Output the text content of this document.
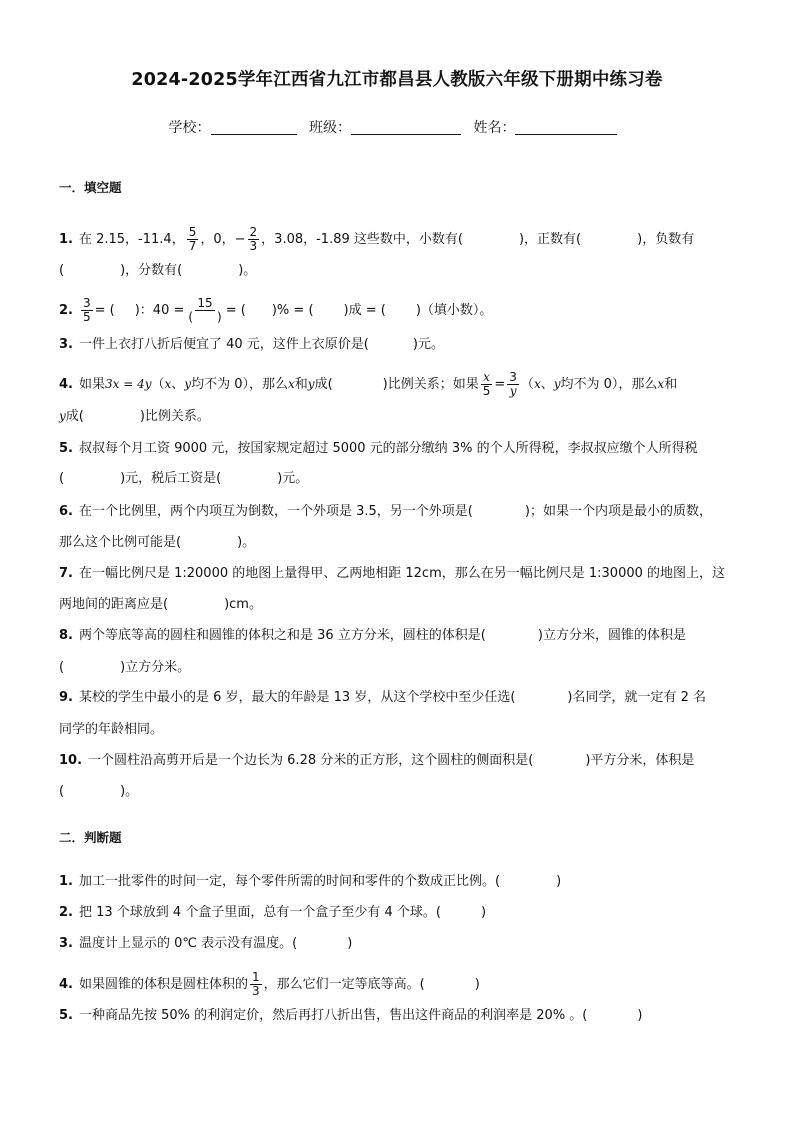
2024-2025学年江西省九江市都昌县人教版六年级下册期中练习卷
学校：	班级：	姓名：
一．填空题
1. 在 2.15，-11.4， $\frac{5}{7}$ ，0，− $\frac{2}{3}$ ，3.08，-1.89 这些数中，小数有(	)，正数有(	)，负数有
(	)，分数有(	)。
2. $\frac{3}{5}$ = ( )：$40 = \frac{15}{( )}$ = ( )% = ( )成 = ( )（填小数）。
3. 一件上衣打八折后便宜了 40 元，这件上衣原价是(	)元。
4. 如果3x = 4y（x、y均不为 0），那么x和y成(	)比例关系；如果 $\frac{x}{5} = \frac{3}{y} (x$、y均不为 0），那么x和
y成(	)比例关系。
5. 叔叔每个月工资 9000 元，按国家规定超过 5000 元的部分缴纳 3% 的个人所得税，李叔叔应缴个人所得税
(	)元，税后工资是(	)元。
6. 在一个比例里，两个内项互为倒数，一个外项是 3.5，另一个外项是(	)；如果一个内项是最小的质数，
那么这个比例可能是(	)。
7. 在一幅比例尺是 1:20000 的地图上量得甲、乙两地相距 12cm，那么在另一幅比例尺是 1:30000 的地图上，这
两地间的距离应是(	)cm。
8. 两个等底等高的圆柱和圆锥的体积之和是 36 立方分米，圆柱的体积是(	)立方分米，圆锥的体积是
(	)立方分米。
9. 某校的学生中最小的是 6 岁，最大的年龄是 13 岁，从这个学校中至少任选(	)名同学，就一定有 2 名
同学的年龄相同。
10. 一个圆柱沿高剪开后是一个边长为 6.28 分米的正方形，这个圆柱的侧面积是(	)平方分米，体积是
(	)。
二．判断题
1. 加工一批零件的时间一定，每个零件所需的时间和零件的个数成正比例。(	)
2. 把 13 个球放到 4 个盒子里面，总有一个盒子至少有 4 个球。(	)
3. 温度计上显示的 0℃ 表示没有温度。(	)
4. 如果圆锥的体积是圆柱体积的 $\frac{1}{3}$ ，那么它们一定等底等高。(	)
5. 一种商品先按 50% 的利润定价，然后再打八折出售，售出这件商品的利润率是 20% 。(	)
